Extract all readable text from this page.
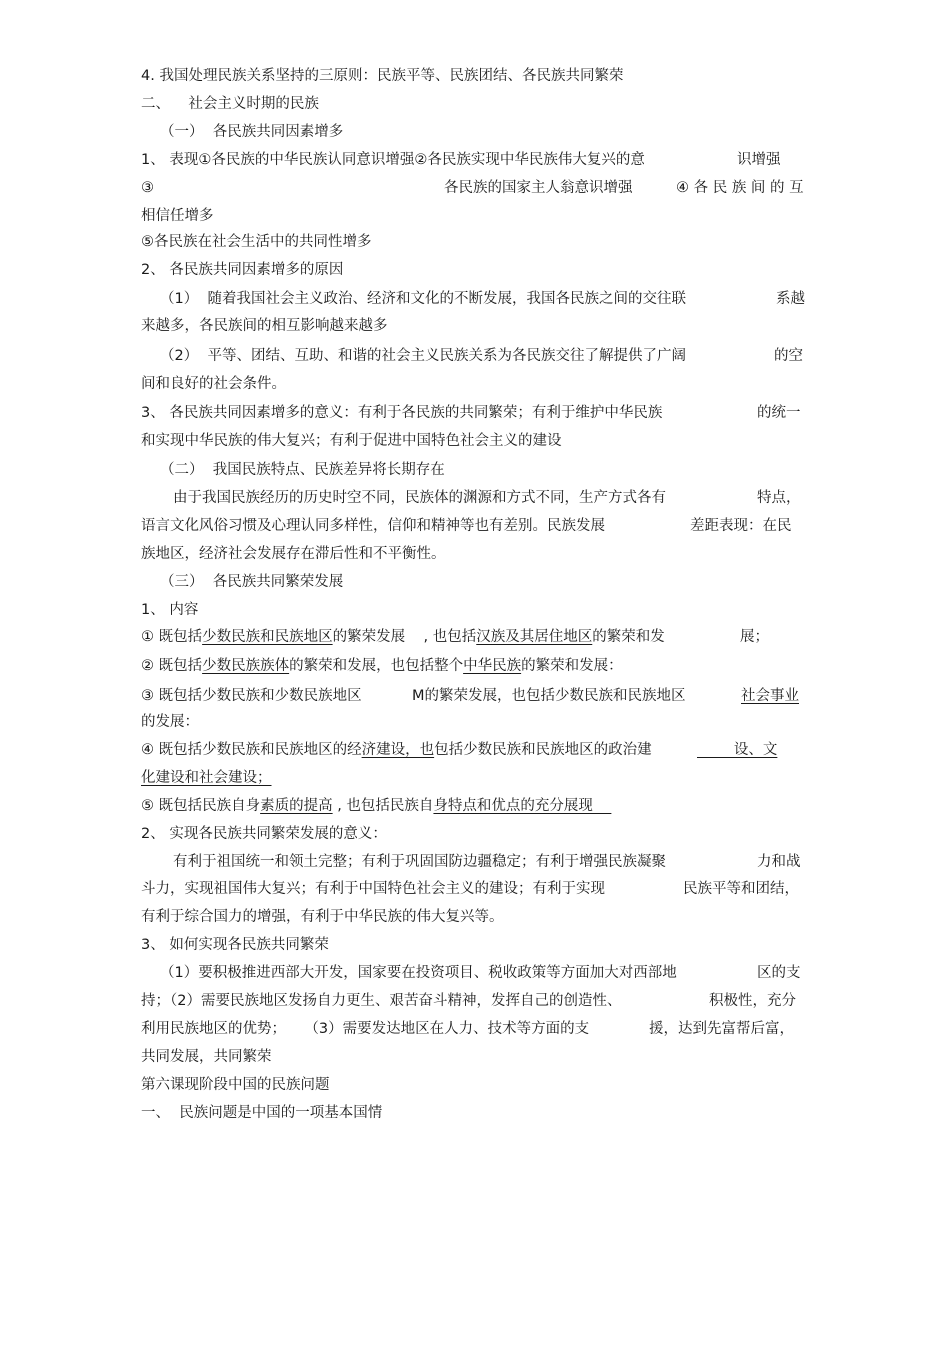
4. 我国处理民族关系坚持的三原则：民族平等、民族团结、各民族共同繁荣
二、    社会主义时期的民族
（一）  各民族共同因素增多
1、 表现①各民族的中华民族认同意识增强②各民族实现中华民族伟大复兴的意	识增强
③	各民族的国家主人翁意识增强	④ 各 民 族 间 的 互
相信任增多
⑤各民族在社会生活中的共同性增多
2、 各民族共同因素增多的原因
（1）  随着我国社会主义政治、经济和文化的不断发展，我国各民族之间的交往联	系越
来越多，各民族间的相互影响越来越多
（2）  平等、团结、互助、和谐的社会主义民族关系为各民族交往了解提供了广阔	的空
间和良好的社会条件。
3、 各民族共同因素增多的意义：有利于各民族的共同繁荣；有利于维护中华民族	的统一
和实现中华民族的伟大复兴；有利于促进中国特色社会主义的建设
（二）  我国民族特点、民族差异将长期存在
由于我国民族经历的历史时空不同，民族体的渊源和方式不同，生产方式各有	特点，
语言文化风俗习惯及心理认同多样性，信仰和精神等也有差别。民族发展	差距表现：在民
族地区，经济社会发展存在滞后性和不平衡性。
（三）  各民族共同繁荣发展
1、 内容
① 既包括少数民族和民族地区的繁荣发展    , 也包括汉族及其居住地区的繁荣和发	展；
② 既包括少数民族族体的繁荣和发展，也包括整个中华民族的繁荣和发展：
③ 既包括少数民族和少数民族地区	M的繁荣发展，也包括少数民族和民族地区	社会事业
的发展：
④ 既包括少数民族和民族地区的经济建设，也包括少数民族和民族地区的政治建	设、文
化建设和社会建设；
⑤ 既包括民族自身素质的提高 , 也包括民族自身特点和优点的充分展现
2、 实现各民族共同繁荣发展的意义：
有利于祖国统一和领土完整；有利于巩固国防边疆稳定；有利于增强民族凝聚	力和战
斗力，实现祖国伟大复兴；有利于中国特色社会主义的建设；有利于实现	民族平等和团结，
有利于综合国力的增强，有利于中华民族的伟大复兴等。
3、 如何实现各民族共同繁荣
（1）要积极推进西部大开发，国家要在投资项目、税收政策等方面加大对西部地	区的支
持；（2）需要民族地区发扬自力更生、艰苦奋斗精神，发挥自己的创造性、	积极性，充分
利用民族地区的优势；    （3）需要发达地区在人力、技术等方面的支	援，达到先富帮后富，
共同发展，共同繁荣
第六课现阶段中国的民族问题
一、  民族问题是中国的一项基本国情
